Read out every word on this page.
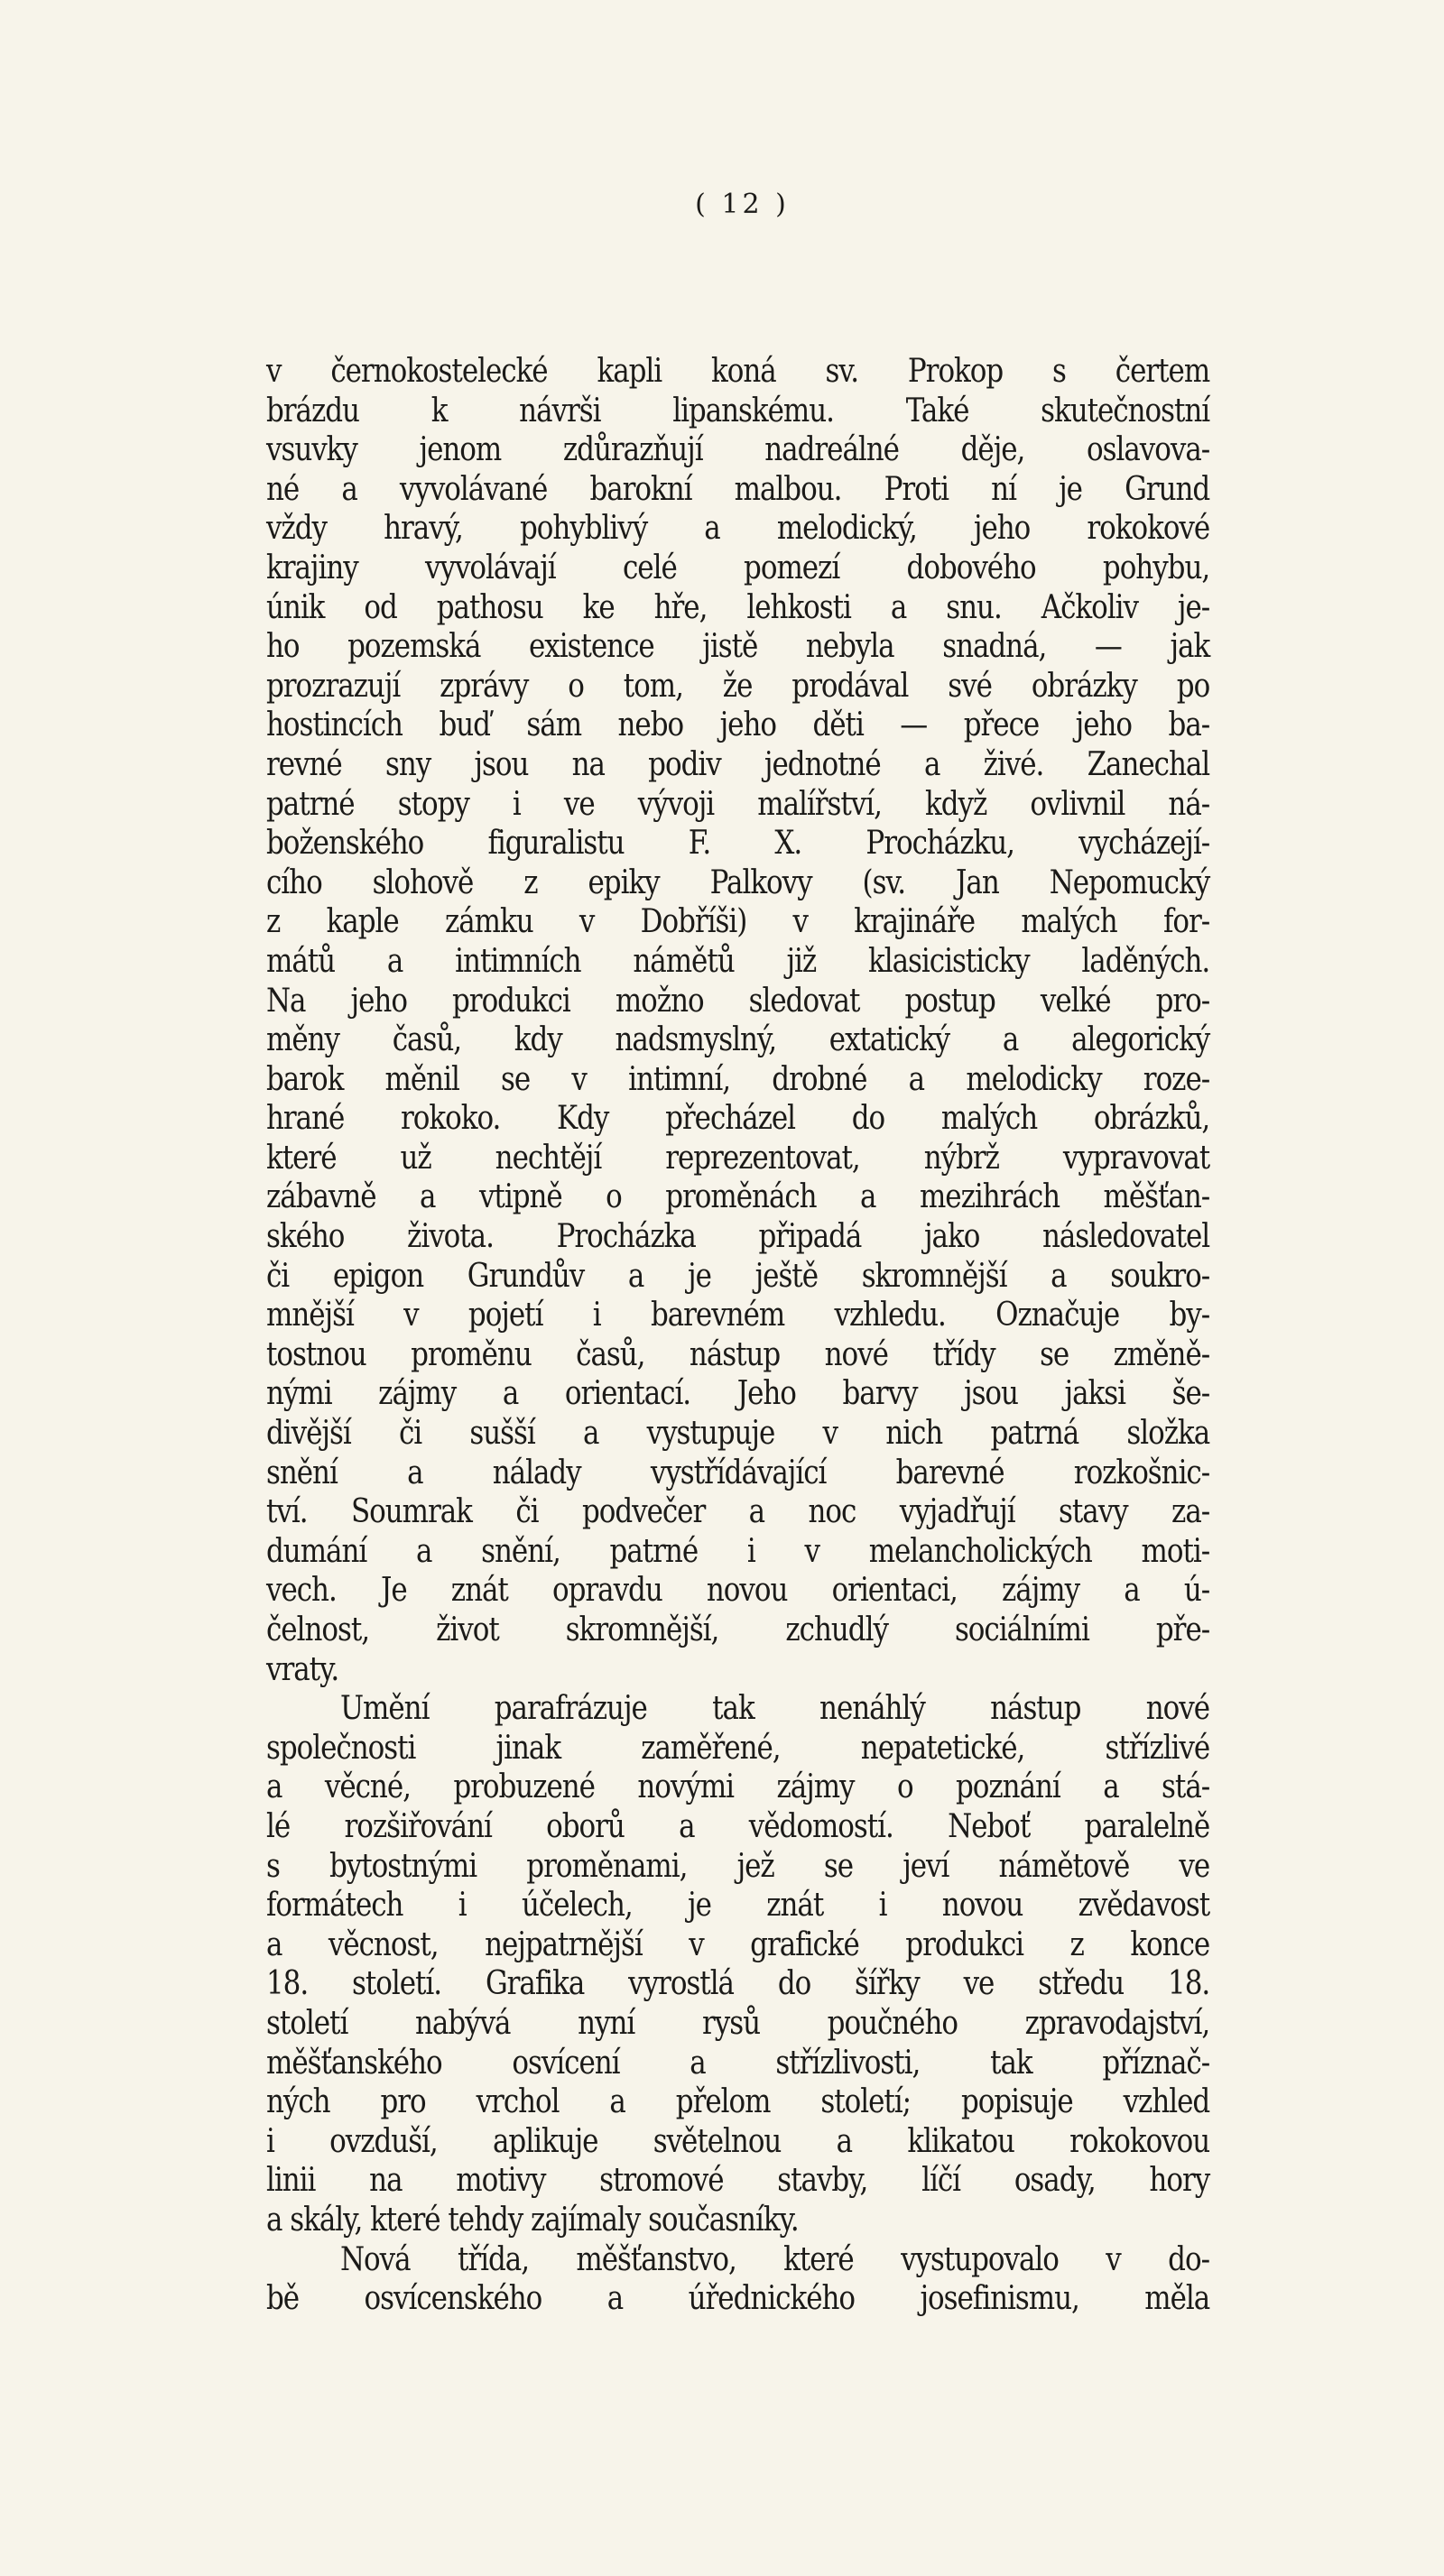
( 12 )
v černokostelecké kapli koná sv. Prokop s čertem
brázdu k návrši lipanskému. Také skutečnostní
vsuvky jenom zdůrazňují nadreálné děje, oslavova-
né a vyvolávané barokní malbou. Proti ní je Grund
vždy hravý, pohyblivý a melodický, jeho rokokové
krajiny vyvolávají celé pomezí dobového pohybu,
únik od pathosu ke hře, lehkosti a snu. Ačkoliv je-
ho pozemská existence jistě nebyla snadná, — jak
prozrazují zprávy o tom, že prodával své obrázky po
hostincích buď sám nebo jeho děti — přece jeho ba-
revné sny jsou na podiv jednotné a živé. Zanechal
patrné stopy i ve vývoji malířství, když ovlivnil ná-
boženského figuralistu F. X. Procházku, vycházejí-
cího slohově z epiky Palkovy (sv. Jan Nepomucký
z kaple zámku v Dobříši) v krajináře malých for-
mátů a intimních námětů již klasicisticky laděných.
Na jeho produkci možno sledovat postup velké pro-
měny časů, kdy nadsmyslný, extatický a alegorický
barok měnil se v intimní, drobné a melodicky roze-
hrané rokoko. Kdy přecházel do malých obrázků,
které už nechtějí reprezentovat, nýbrž vypravovat
zábavně a vtipně o proměnách a mezihrách měšťan-
ského života. Procházka připadá jako následovatel
či epigon Grundův a je ještě skromnější a soukro-
mnější v pojetí i barevném vzhledu. Označuje by-
tostnou proměnu časů, nástup nové třídy se změně-
nými zájmy a orientací. Jeho barvy jsou jaksi še-
divější či sušší a vystupuje v nich patrná složka
snění a nálady vystřídávající barevné rozkošnic-
tví. Soumrak či podvečer a noc vyjadřují stavy za-
dumání a snění, patrné i v melancholických moti-
vech. Je znát opravdu novou orientaci, zájmy a ú-
čelnost, život skromnější, zchudlý sociálními pře-
vraty.
Umění parafrázuje tak nenáhlý nástup nové
společnosti jinak zaměřené, nepatetické, střízlivé
a věcné, probuzené novými zájmy o poznání a stá-
lé rozšiřování oborů a vědomostí. Neboť paralelně
s bytostnými proměnami, jež se jeví námětově ve
formátech i účelech, je znát i novou zvědavost
a věcnost, nejpatrnější v grafické produkci z konce
18. století. Grafika vyrostlá do šířky ve středu 18.
století nabývá nyní rysů poučného zpravodajství,
měšťanského osvícení a střízlivosti, tak příznač-
ných pro vrchol a přelom století; popisuje vzhled
i ovzduší, aplikuje světelnou a klikatou rokokovou
linii na motivy stromové stavby, líčí osady, hory
a skály, které tehdy zajímaly současníky.
Nová třída, měšťanstvo, které vystupovalo v do-
bě osvícenského a úřednického josefinismu, měla
